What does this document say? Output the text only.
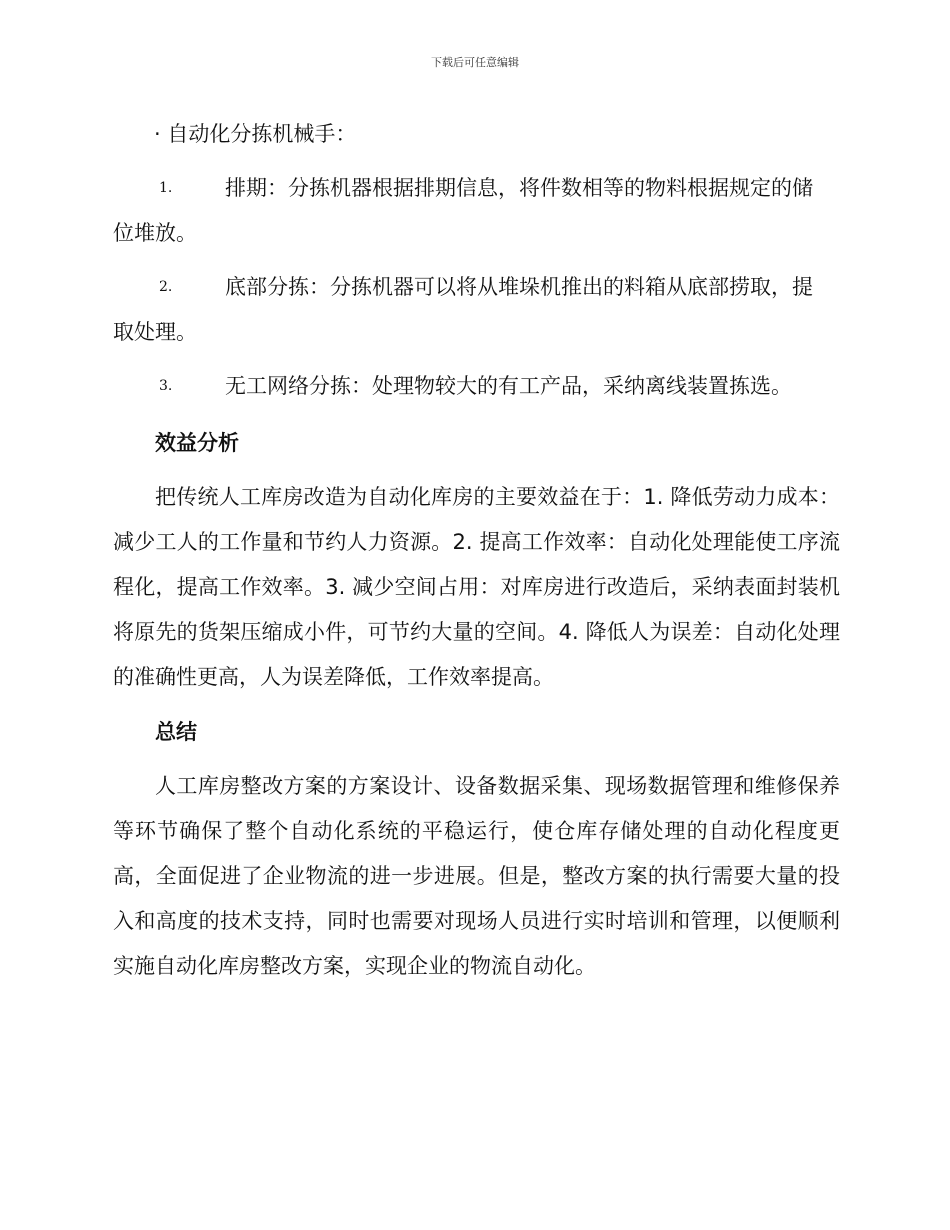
下载后可任意编辑

· 自动化分拣机械手：

1.	排期：分拣机器根据排期信息，将件数相等的物料根据规定的储
位堆放。
2.	底部分拣：分拣机器可以将从堆垛机推出的料箱从底部捞取，提
取处理。
3.	无工网络分拣：处理物较大的有工产品，采纳离线装置拣选。
效益分析

把传统人工库房改造为自动化库房的主要效益在于：1. 降低劳动力成本：减少工人的工作量和节约人力资源。2. 提高工作效率：自动化处理能使工序流程化，提高工作效率。3. 减少空间占用：对库房进行改造后，采纳表面封装机将原先的货架压缩成小件，可节约大量的空间。4. 降低人为误差：自动化处理的准确性更高，人为误差降低，工作效率提高。

总结

人工库房整改方案的方案设计、设备数据采集、现场数据管理和维修保养等环节确保了整个自动化系统的平稳运行，使仓库存储处理的自动化程度更高，全面促进了企业物流的进一步进展。但是，整改方案的执行需要大量的投入和高度的技术支持，同时也需要对现场人员进行实时培训和管理，以便顺利实施自动化库房整改方案，实现企业的物流自动化。
